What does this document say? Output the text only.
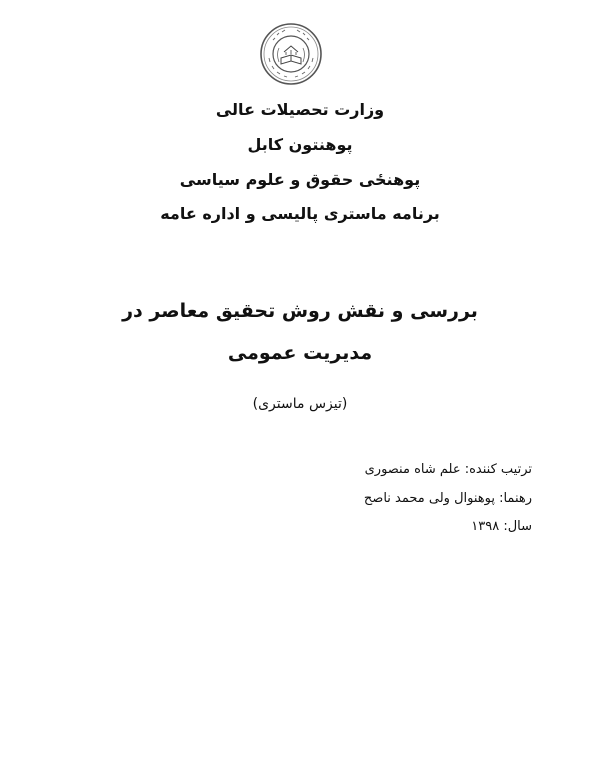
وزارت تحصیلات عالی
پوهنتون کابل
پوهنځی حقوق و علوم سیاسی
برنامه ماستری پالیسی و اداره عامه
بررسی و نقش روش تحقیق معاصر در
مدیریت عمومی
(تیزس ماستری)
ترتیب کننده: علم شاه منصوری
رهنما: پوهنوال ولی محمد ناصح
سال: ۱۳۹۸
